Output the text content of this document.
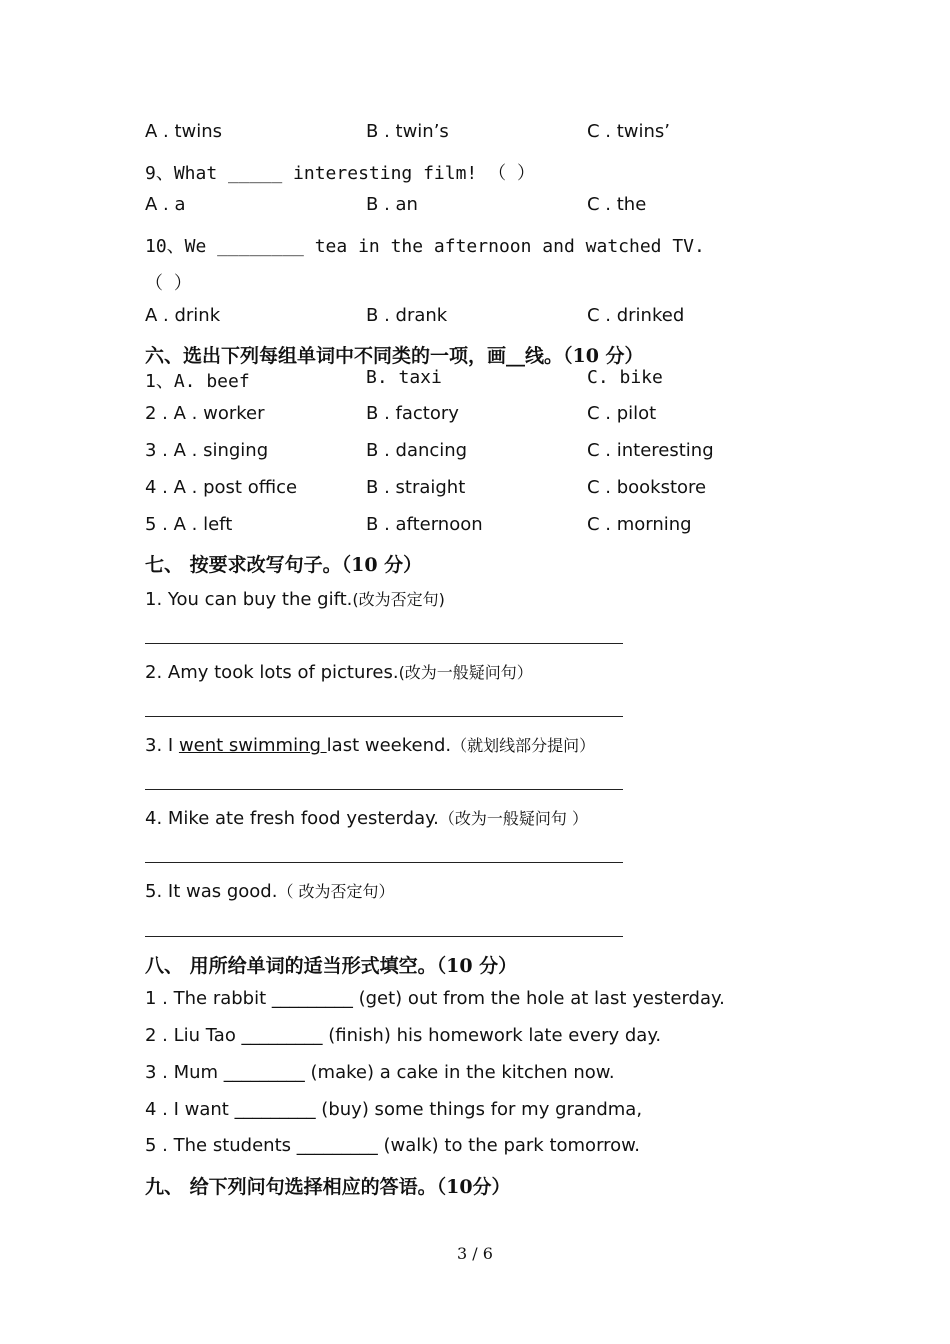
A . twins	B . twin’s	C . twins’
9、What _____ interesting film! （ ）
A . a	B . an	C . the
10、We ________ tea in the afternoon and watched TV.
（ ）
A . drink	B . drank	C . drinked
六、选出下列每组单词中不同类的一项，画__线。（10 分）
1、A. beef	B. taxi	C. bike
2 . A . worker	B . factory	C . pilot
3 . A . singing	B . dancing	C . interesting
4 . A . post office	B . straight	C . bookstore
5 . A . left	B . afternoon	C . morning
七、 按要求改写句子。（10 分）
1. You can buy the gift.(改为否定句)
2. Amy took lots of pictures.(改为一般疑问句）
3. I went swimming last weekend.（就划线部分提问）
4. Mike ate fresh food yesterday.（改为一般疑问句 ）
5. It was good.（ 改为否定句）
八、 用所给单词的适当形式填空。（10 分）
1 . The rabbit _________ (get) out from the hole at last yesterday.
2 . Liu Tao _________ (finish) his homework late every day.
3 . Mum _________ (make) a cake in the kitchen now.
4 . I want _________ (buy) some things for my grandma,
5 . The students _________ (walk) to the park tomorrow.
九、 给下列问句选择相应的答语。（10分）
3 / 6
